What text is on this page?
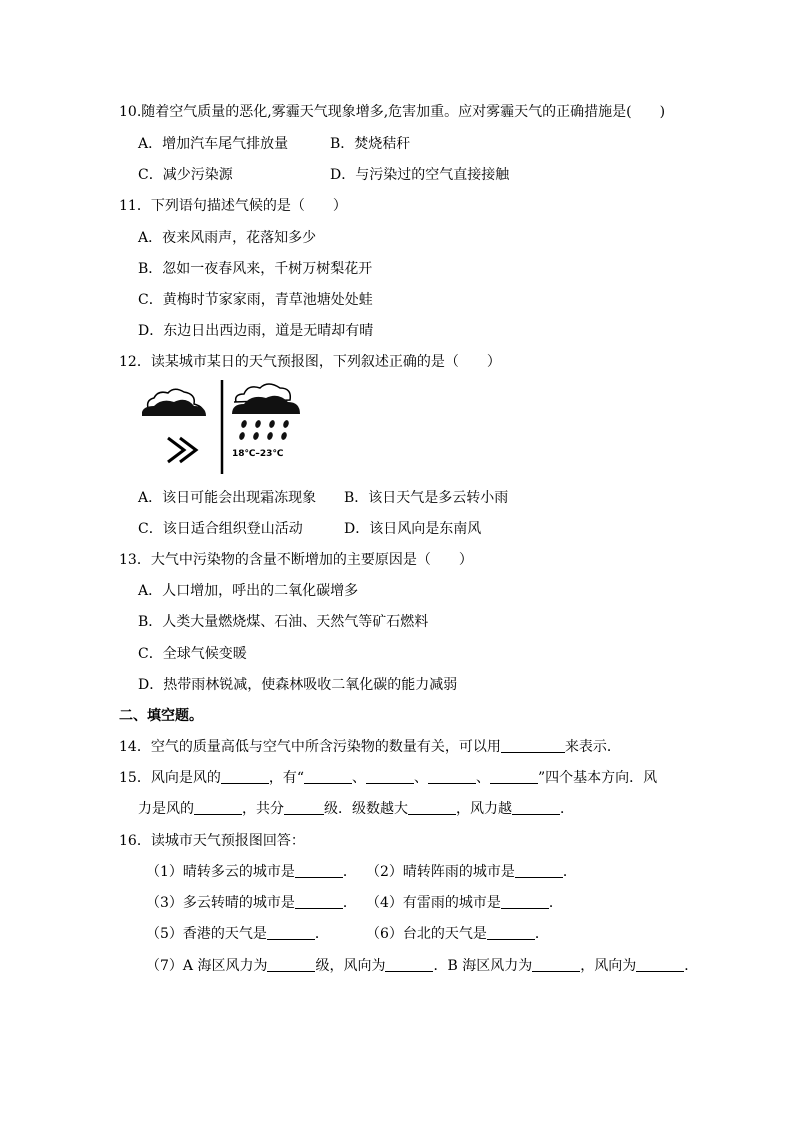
10.随着空气质量的恶化,雾霾天气现象增多,危害加重。应对雾霾天气的正确措施是(　　)
A．增加汽车尾气排放量	B．焚烧秸秆
C．减少污染源	D．与污染过的空气直接接触
11．下列语句描述气候的是（　　）
A．夜来风雨声，花落知多少
B．忽如一夜春风来，千树万树梨花开
C．黄梅时节家家雨，青草池塘处处蛙
D．东边日出西边雨，道是无晴却有晴
12．读某城市某日的天气预报图，下列叙述正确的是（　　）
18℃–23℃
A．该日可能会出现霜冻现象 B．该日天气是多云转小雨
C．该日适合组织登山活动	D．该日风向是东南风
13．大气中污染物的含量不断增加的主要原因是（　　）
A．人口增加，呼出的二氧化碳增多
B．人类大量燃烧煤、石油、天然气等矿石燃料
C．全球气候变暖
D．热带雨林锐减，使森林吸收二氧化碳的能力减弱
二、填空题。
14．空气的质量高低与空气中所含污染物的数量有关，可以用	来表示．
15．风向是风的	，有“	、	、	、	”四个基本方向．风
力是风的	，共分	级．级数越大	，风力越	．
16．读城市天气预报图回答：
（1）晴转多云的城市是	． （2）晴转阵雨的城市是	．
（3）多云转晴的城市是	． （4）有雷雨的城市是	．
（5）香港的天气是	．	（6）台北的天气是	．
（7）A 海区风力为	级，风向为	．B 海区风力为	，风向为	．
